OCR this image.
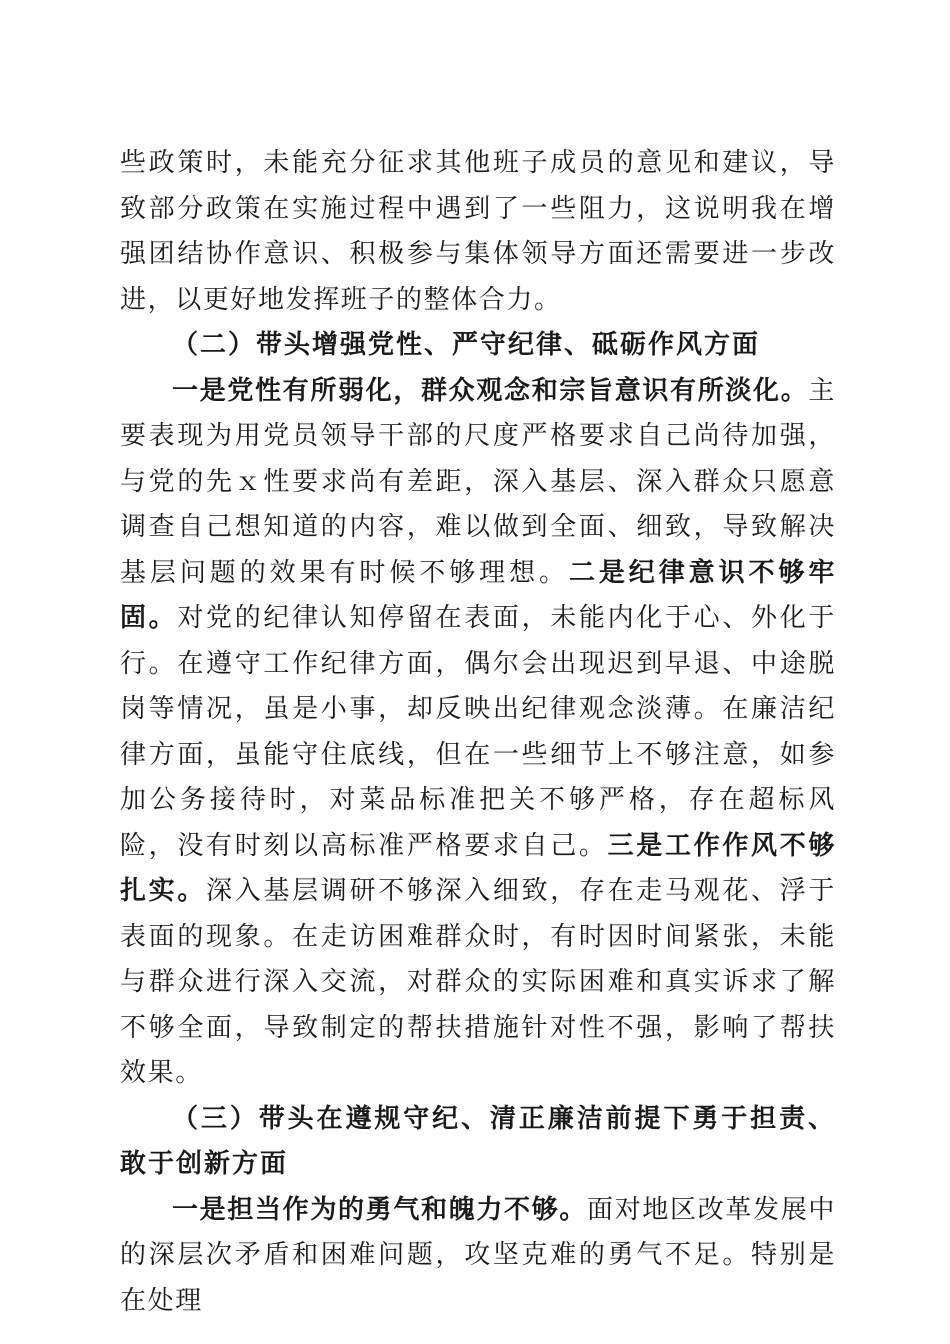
些政策时，未能充分征求其他班子成员的意见和建议，导致部分政策在实施过程中遇到了一些阻力，这说明我在增强团结协作意识、积极参与集体领导方面还需要进一步改进，以更好地发挥班子的整体合力。

（二）带头增强党性、严守纪律、砥砺作风方面

一是党性有所弱化，群众观念和宗旨意识有所淡化。主要表现为用党员领导干部的尺度严格要求自己尚待加强，与党的先ｘ性要求尚有差距，深入基层、深入群众只愿意调查自己想知道的内容，难以做到全面、细致，导致解决基层问题的效果有时候不够理想。二是纪律意识不够牢固。对党的纪律认知停留在表面，未能内化于心、外化于行。在遵守工作纪律方面，偶尔会出现迟到早退、中途脱岗等情况，虽是小事，却反映出纪律观念淡薄。在廉洁纪律方面，虽能守住底线，但在一些细节上不够注意，如参加公务接待时，对菜品标准把关不够严格，存在超标风险，没有时刻以高标准严格要求自己。三是工作作风不够扎实。深入基层调研不够深入细致，存在走马观花、浮于表面的现象。在走访困难群众时，有时因时间紧张，未能与群众进行深入交流，对群众的实际困难和真实诉求了解不够全面，导致制定的帮扶措施针对性不强，影响了帮扶效果。

（三）带头在遵规守纪、清正廉洁前提下勇于担责、敢于创新方面

一是担当作为的勇气和魄力不够。面对地区改革发展中的深层次矛盾和困难问题，攻坚克难的勇气不足。特别是在处理
